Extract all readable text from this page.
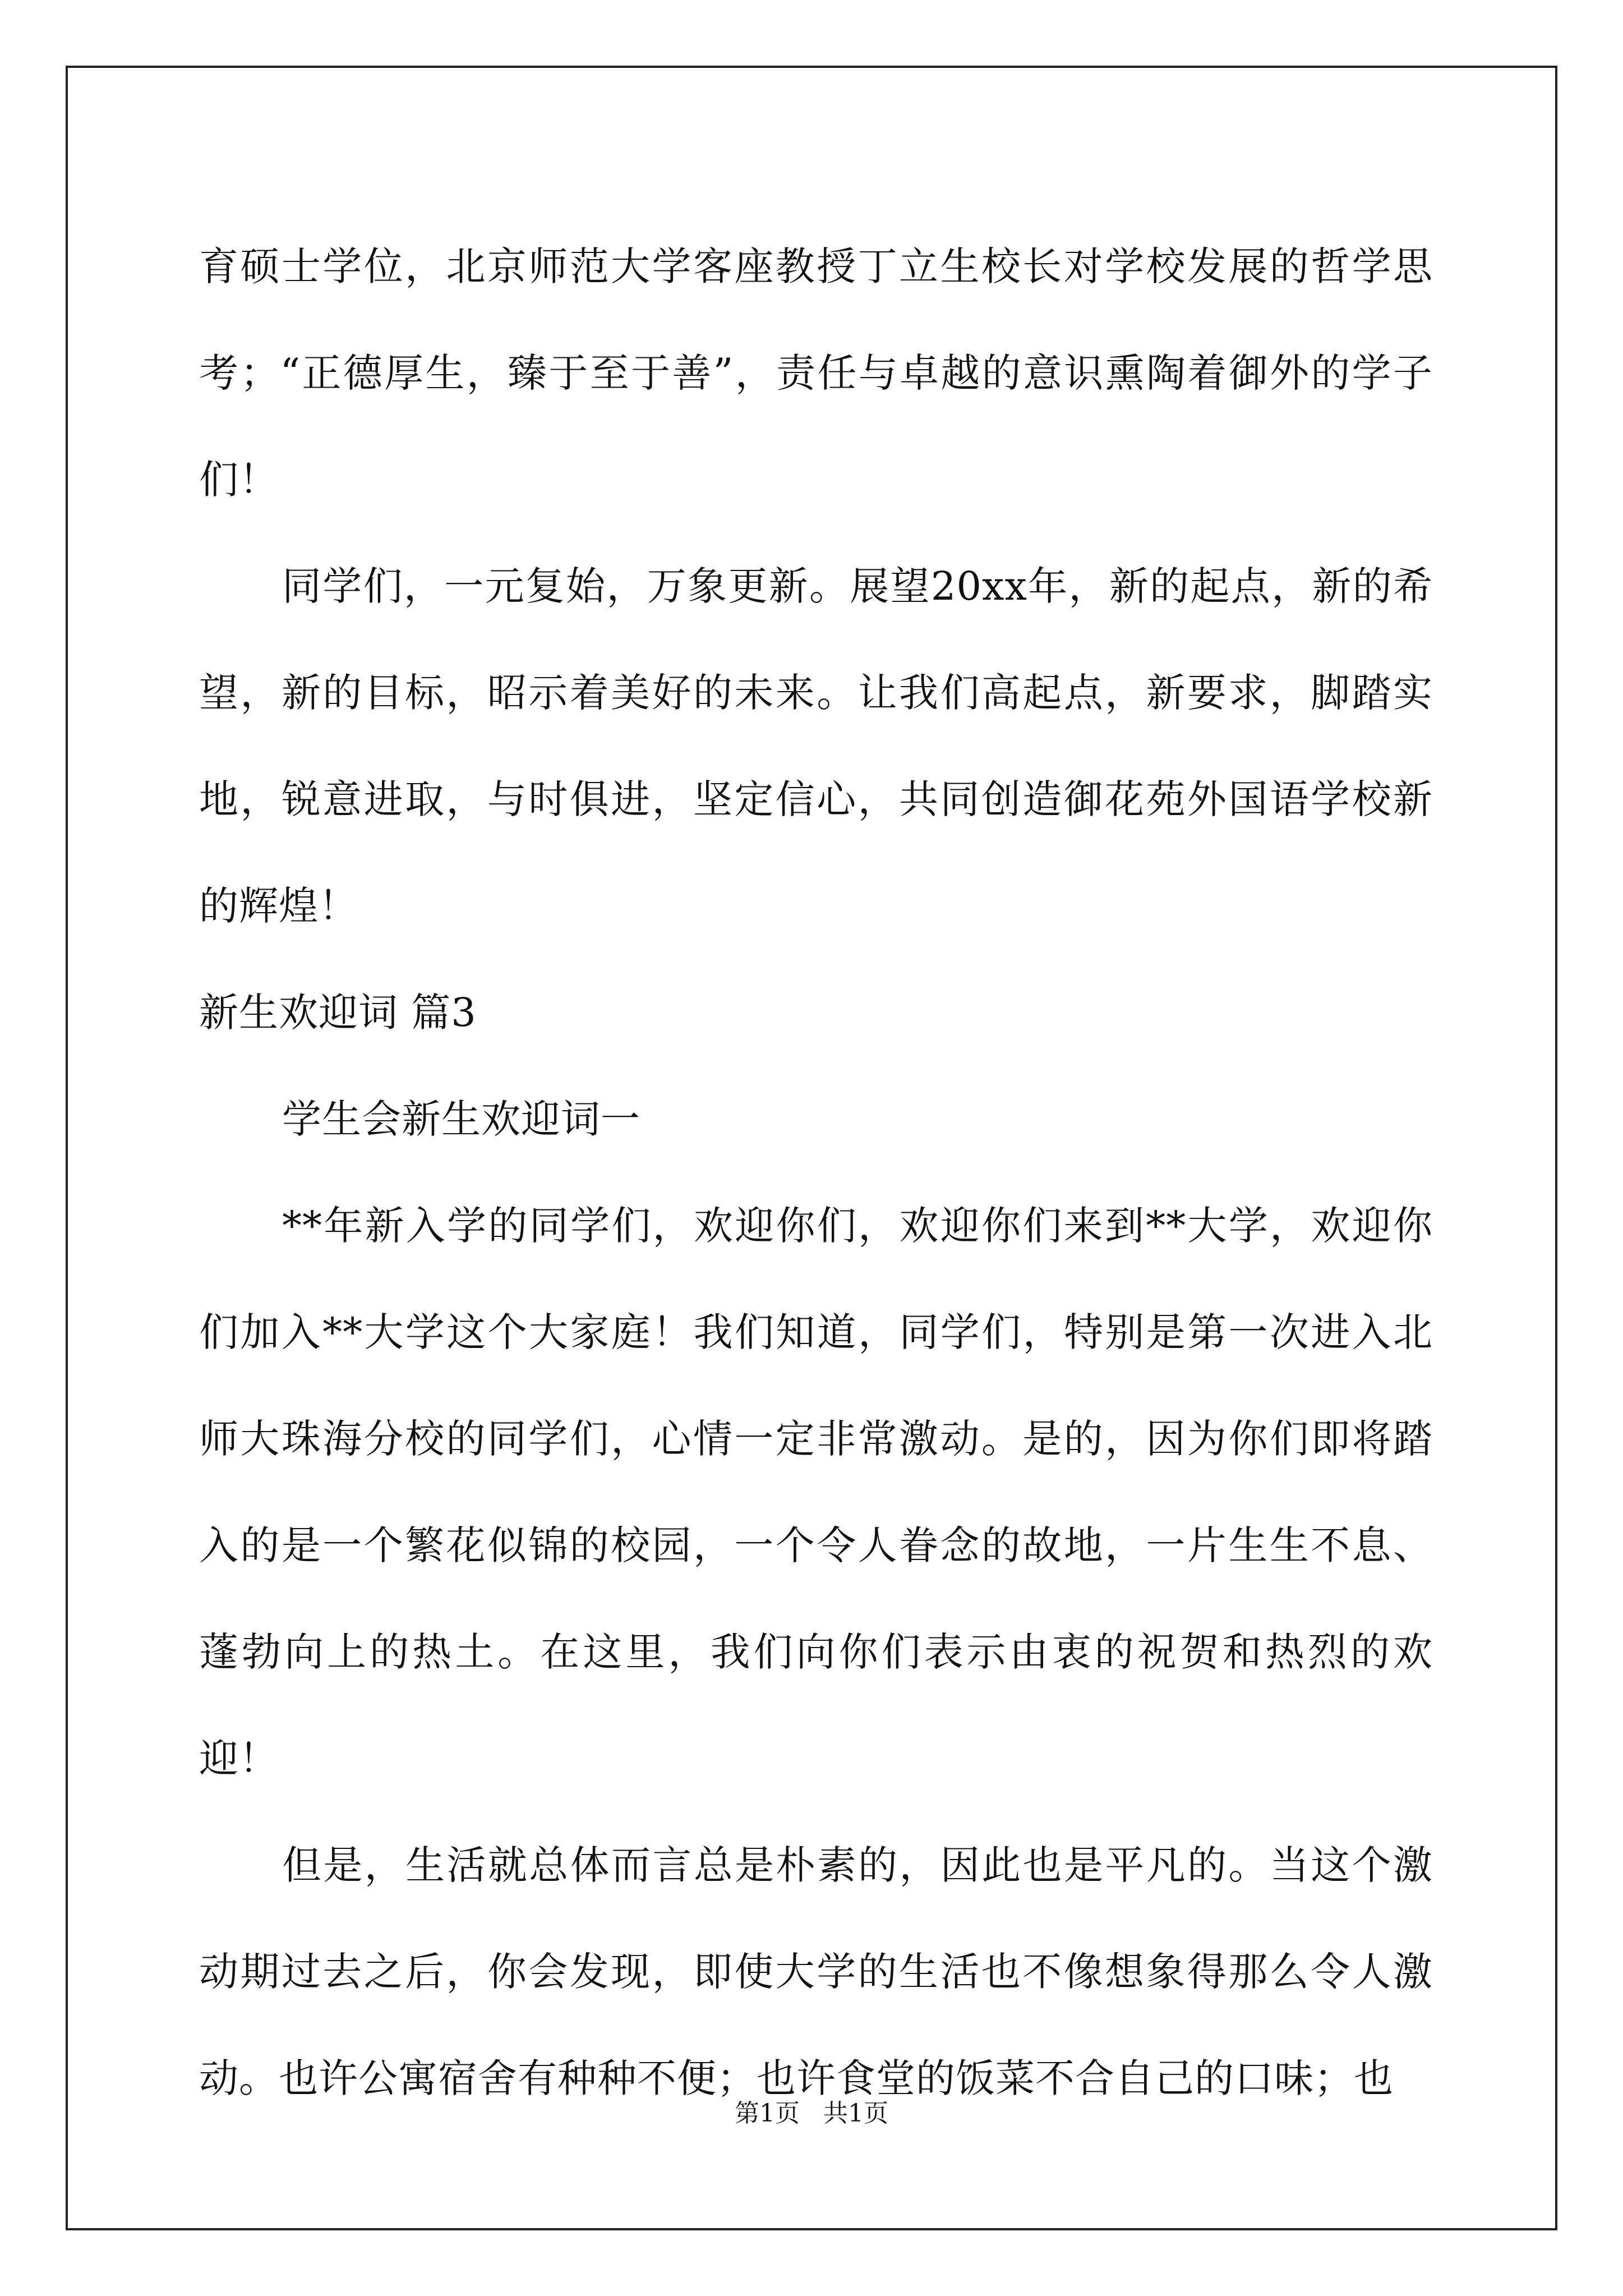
育硕士学位，北京师范大学客座教授丁立生校长对学校发展的哲学思考；“正德厚生，臻于至于善”，责任与卓越的意识熏陶着御外的学子们！

同学们，一元复始，万象更新。展望20xx年，新的起点，新的希望，新的目标，昭示着美好的未来。让我们高起点，新要求，脚踏实地，锐意进取，与时俱进，坚定信心，共同创造御花苑外国语学校新的辉煌！

新生欢迎词 篇3

学生会新生欢迎词一

**年新入学的同学们，欢迎你们，欢迎你们来到**大学，欢迎你们加入**大学这个大家庭！我们知道，同学们，特别是第一次进入北师大珠海分校的同学们，心情一定非常激动。是的，因为你们即将踏入的是一个繁花似锦的校园，一个令人眷念的故地，一片生生不息、蓬勃向上的热土。在这里，我们向你们表示由衷的祝贺和热烈的欢迎！

但是，生活就总体而言总是朴素的，因此也是平凡的。当这个激动期过去之后，你会发现，即使大学的生活也不像想象得那么令人激动。也许公寓宿舍有种种不便；也许食堂的饭菜不合自己的口味；也

第1页   共1页
